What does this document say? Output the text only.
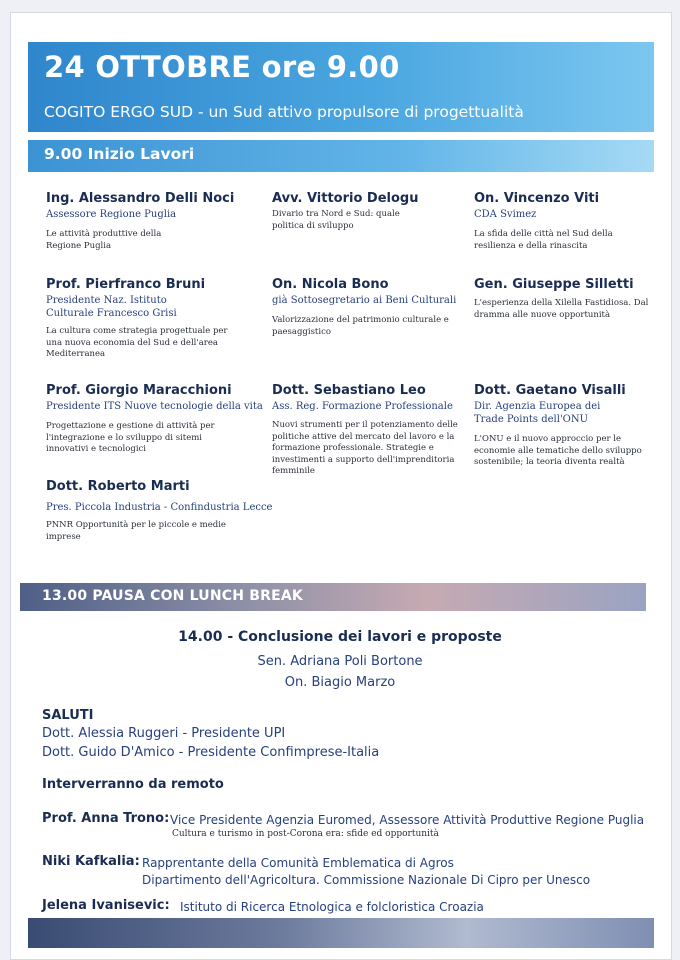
24 OTTOBRE ore 9.00

COGITO ERGO SUD - un Sud attivo propulsore di progettualità

9.00 Inizio Lavori
Ing. Alessandro Delli Noci
Assessore Regione Puglia
Le attività produttive della Regione Puglia
Avv. Vittorio Delogu
Divario tra Nord e Sud: quale politica di sviluppo
On. Vincenzo Viti
CDA Svimez
La sfida delle città nel Sud della resilienza e della rinascita
Prof. Pierfranco Bruni
Presidente Naz. Istituto Culturale Francesco Grisi
La cultura come strategia progettuale per una nuova economia del Sud e dell'area Mediterranea
On. Nicola Bono
già Sottosegretario ai Beni Culturali
Valorizzazione del patrimonio culturale e paesaggistico
Gen. Giuseppe Silletti
L'esperienza della Xilella Fastidiosa. Dal dramma alle nuove opportunità
Prof. Giorgio Maracchioni
Presidente ITS Nuove tecnologie della vita
Progettazione e gestione di attività per l'integrazione e lo sviluppo di sitemi innovativi e tecnologici
Dott. Sebastiano Leo
Ass. Reg. Formazione Professionale
Nuovi strumenti per il potenziamento delle politiche attive del mercato del lavoro e la formazione professionale. Strategie e investimenti a supporto dell'imprenditoria femminile
Dott. Gaetano Visalli
Dir. Agenzia Europea dei Trade Points dell'ONU
L'ONU e il nuovo approccio per le economie alle tematiche dello sviluppo sostenibile; la teoria diventa realtà
Dott. Roberto Marti
Pres. Piccola Industria - Confindustria Lecce
PNNR Opportunità per le piccole e medie imprese
13.00 PAUSA CON LUNCH BREAK
14.00 - Conclusione dei lavori e proposte
Sen. Adriana Poli Bortone
On. Biagio Marzo
SALUTI
Dott. Alessia Ruggeri - Presidente UPI
Dott. Guido D'Amico - Presidente Confimprese-Italia
Interverranno da remoto
Prof. Anna Trono: Vice Presidente Agenzia Euromed, Assessore Attività Produttive Regione Puglia
Cultura e turismo in post-Corona era: sfide ed opportunità
Niki Kafkalia: Rapprentante della Comunità Emblematica di Agros
Dipartimento dell'Agricoltura. Commissione Nazionale Di Cipro per Unesco
Jelena Ivanisevic: Istituto di Ricerca Etnologica e folcloristica Croazia
